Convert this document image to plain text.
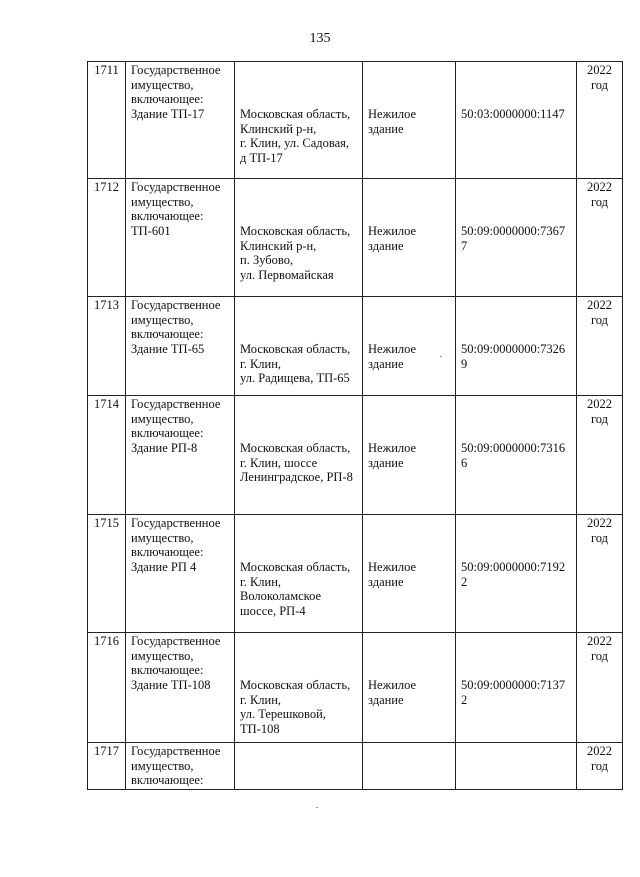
135
1711	Государственное
имущество,
включающее:
Здание ТП-17	Московская область,
Клинский р-н,
г. Клин, ул. Садовая,
д ТП-17	Нежилое
здание	50:03:0000000:1147	2022
год
1712	Государственное
имущество,
включающее:
ТП-601	Московская область,
Клинский р-н,
п. Зубово,
ул. Первомайская	Нежилое
здание	50:09:0000000:7367
7	2022
год
1713	Государственное
имущество,
включающее:
Здание ТП-65	Московская область,
г. Клин,
ул. Радищева, ТП-65	Нежилое
здание	50:09:0000000:7326
9	2022
год
1714	Государственное
имущество,
включающее:
Здание РП-8	Московская область,
г. Клин, шоссе
Ленинградское, РП-8	Нежилое
здание	50:09:0000000:7316
6	2022
год
1715	Государственное
имущество,
включающее:
Здание РП 4	Московская область,
г. Клин,
Волоколамское
шоссе, РП-4	Нежилое
здание	50:09:0000000:7192
2	2022
год
1716	Государственное
имущество,
включающее:
Здание ТП-108	Московская область,
г. Клин,
ул. Терешковой,
ТП-108	Нежилое
здание	50:09:0000000:7137
2	2022
год
1717	Государственное
имущество,
включающее:				2022
год
